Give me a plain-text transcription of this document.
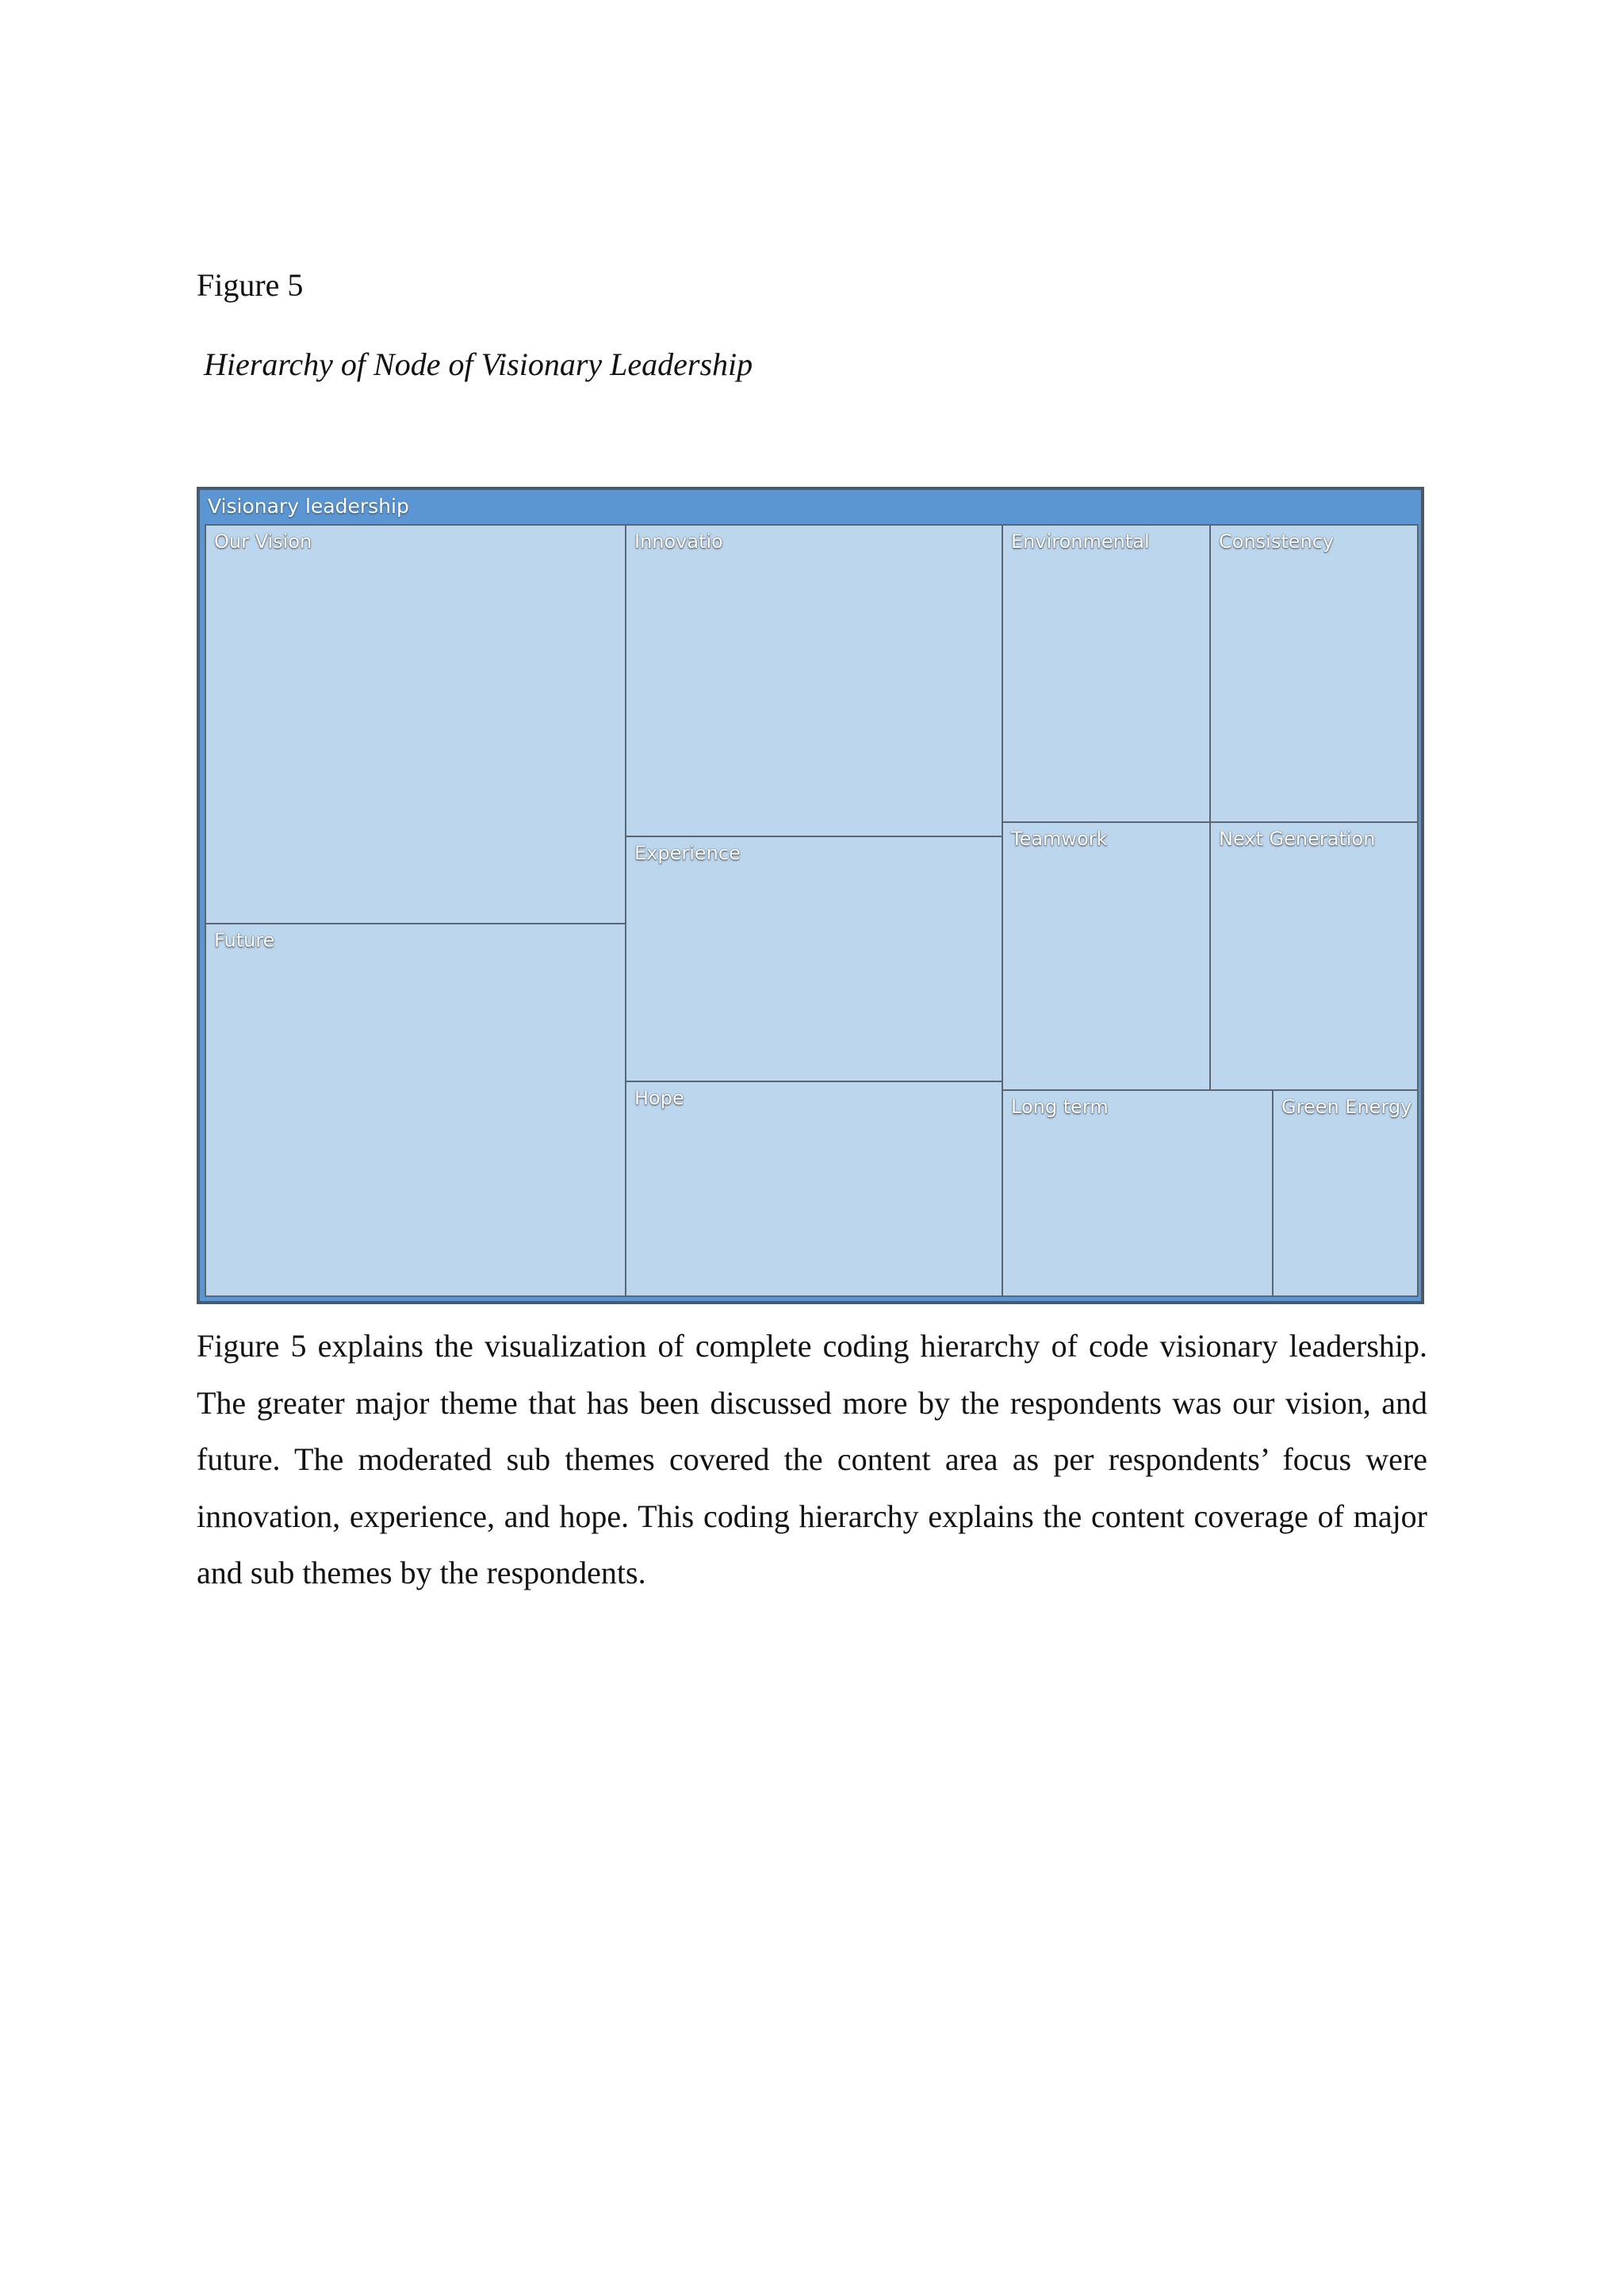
Figure 5
Hierarchy of Node of Visionary Leadership
Visionary leadership
Our Vision
Future
Innovatio
Experience
Hope
Environmental	Consistency
Teamwork	Next Generation
Long term	Green Energy

Figure 5 explains the visualization of complete coding hierarchy of code visionary leadership. The greater major theme that has been discussed more by the respondents was our vision, and future. The moderated sub themes covered the content area as per respondents’ focus were innovation, experience, and hope. This coding hierarchy explains the content coverage of major and sub themes by the respondents.
